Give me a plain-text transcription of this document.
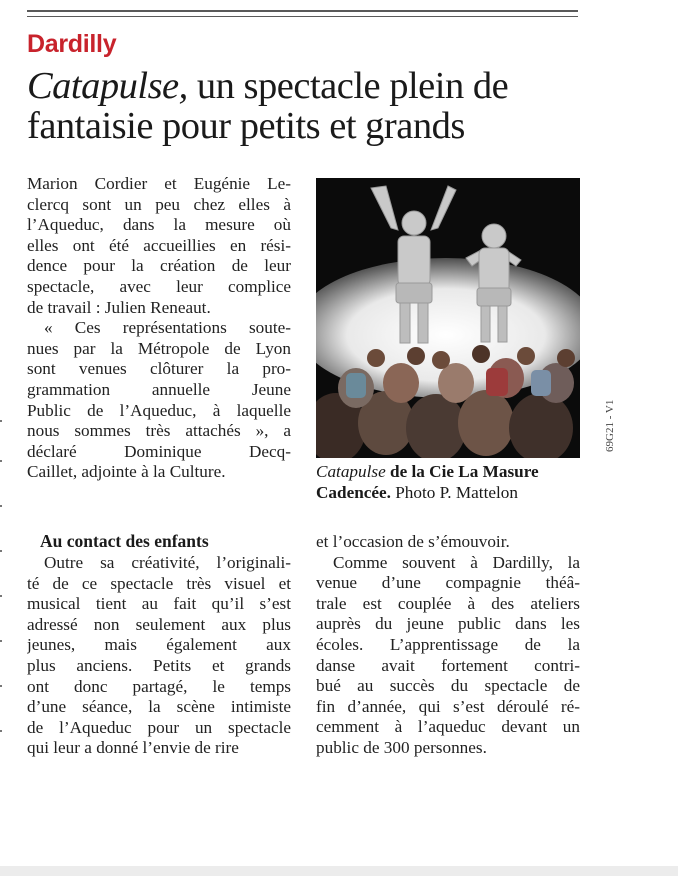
Dardilly
Catapulse, un spectacle plein de fantaisie pour petits et grands
Marion Cordier et Eugénie Le-
clercq sont un peu chez elles à
l’Aqueduc, dans la mesure où
elles ont été accueillies en rési-
dence pour la création de leur
spectacle, avec leur complice
de travail : Julien Reneaut.
« Ces représentations soute-
nues par la Métropole de Lyon
sont venues clôturer la pro-
grammation annuelle Jeune
Public de l’Aqueduc, à laquelle
nous sommes très attachés », a
déclaré Dominique Decq-
Caillet, adjointe à la Culture.	Catapulse de la Cie La Masure Cadencée. Photo P. Mattelon
Au contact des enfants
Outre sa créativité, l’originali-
té de ce spectacle très visuel et
musical tient au fait qu’il s’est
adressé non seulement aux plus
jeunes, mais également aux
plus anciens. Petits et grands
ont donc partagé, le temps
d’une séance, la scène intimiste
de l’Aqueduc pour un spectacle
qui leur a donné l’envie de rire
et l’occasion de s’émouvoir.
Comme souvent à Dardilly, la
venue d’une compagnie théâ-
trale est couplée à des ateliers
auprès du jeune public dans les
écoles. L’apprentissage de la
danse avait fortement contri-
bué au succès du spectacle de
fin d’année, qui s’est déroulé ré-
cemment à l’aqueduc devant un
public de 300 personnes.
69G21 - V1
